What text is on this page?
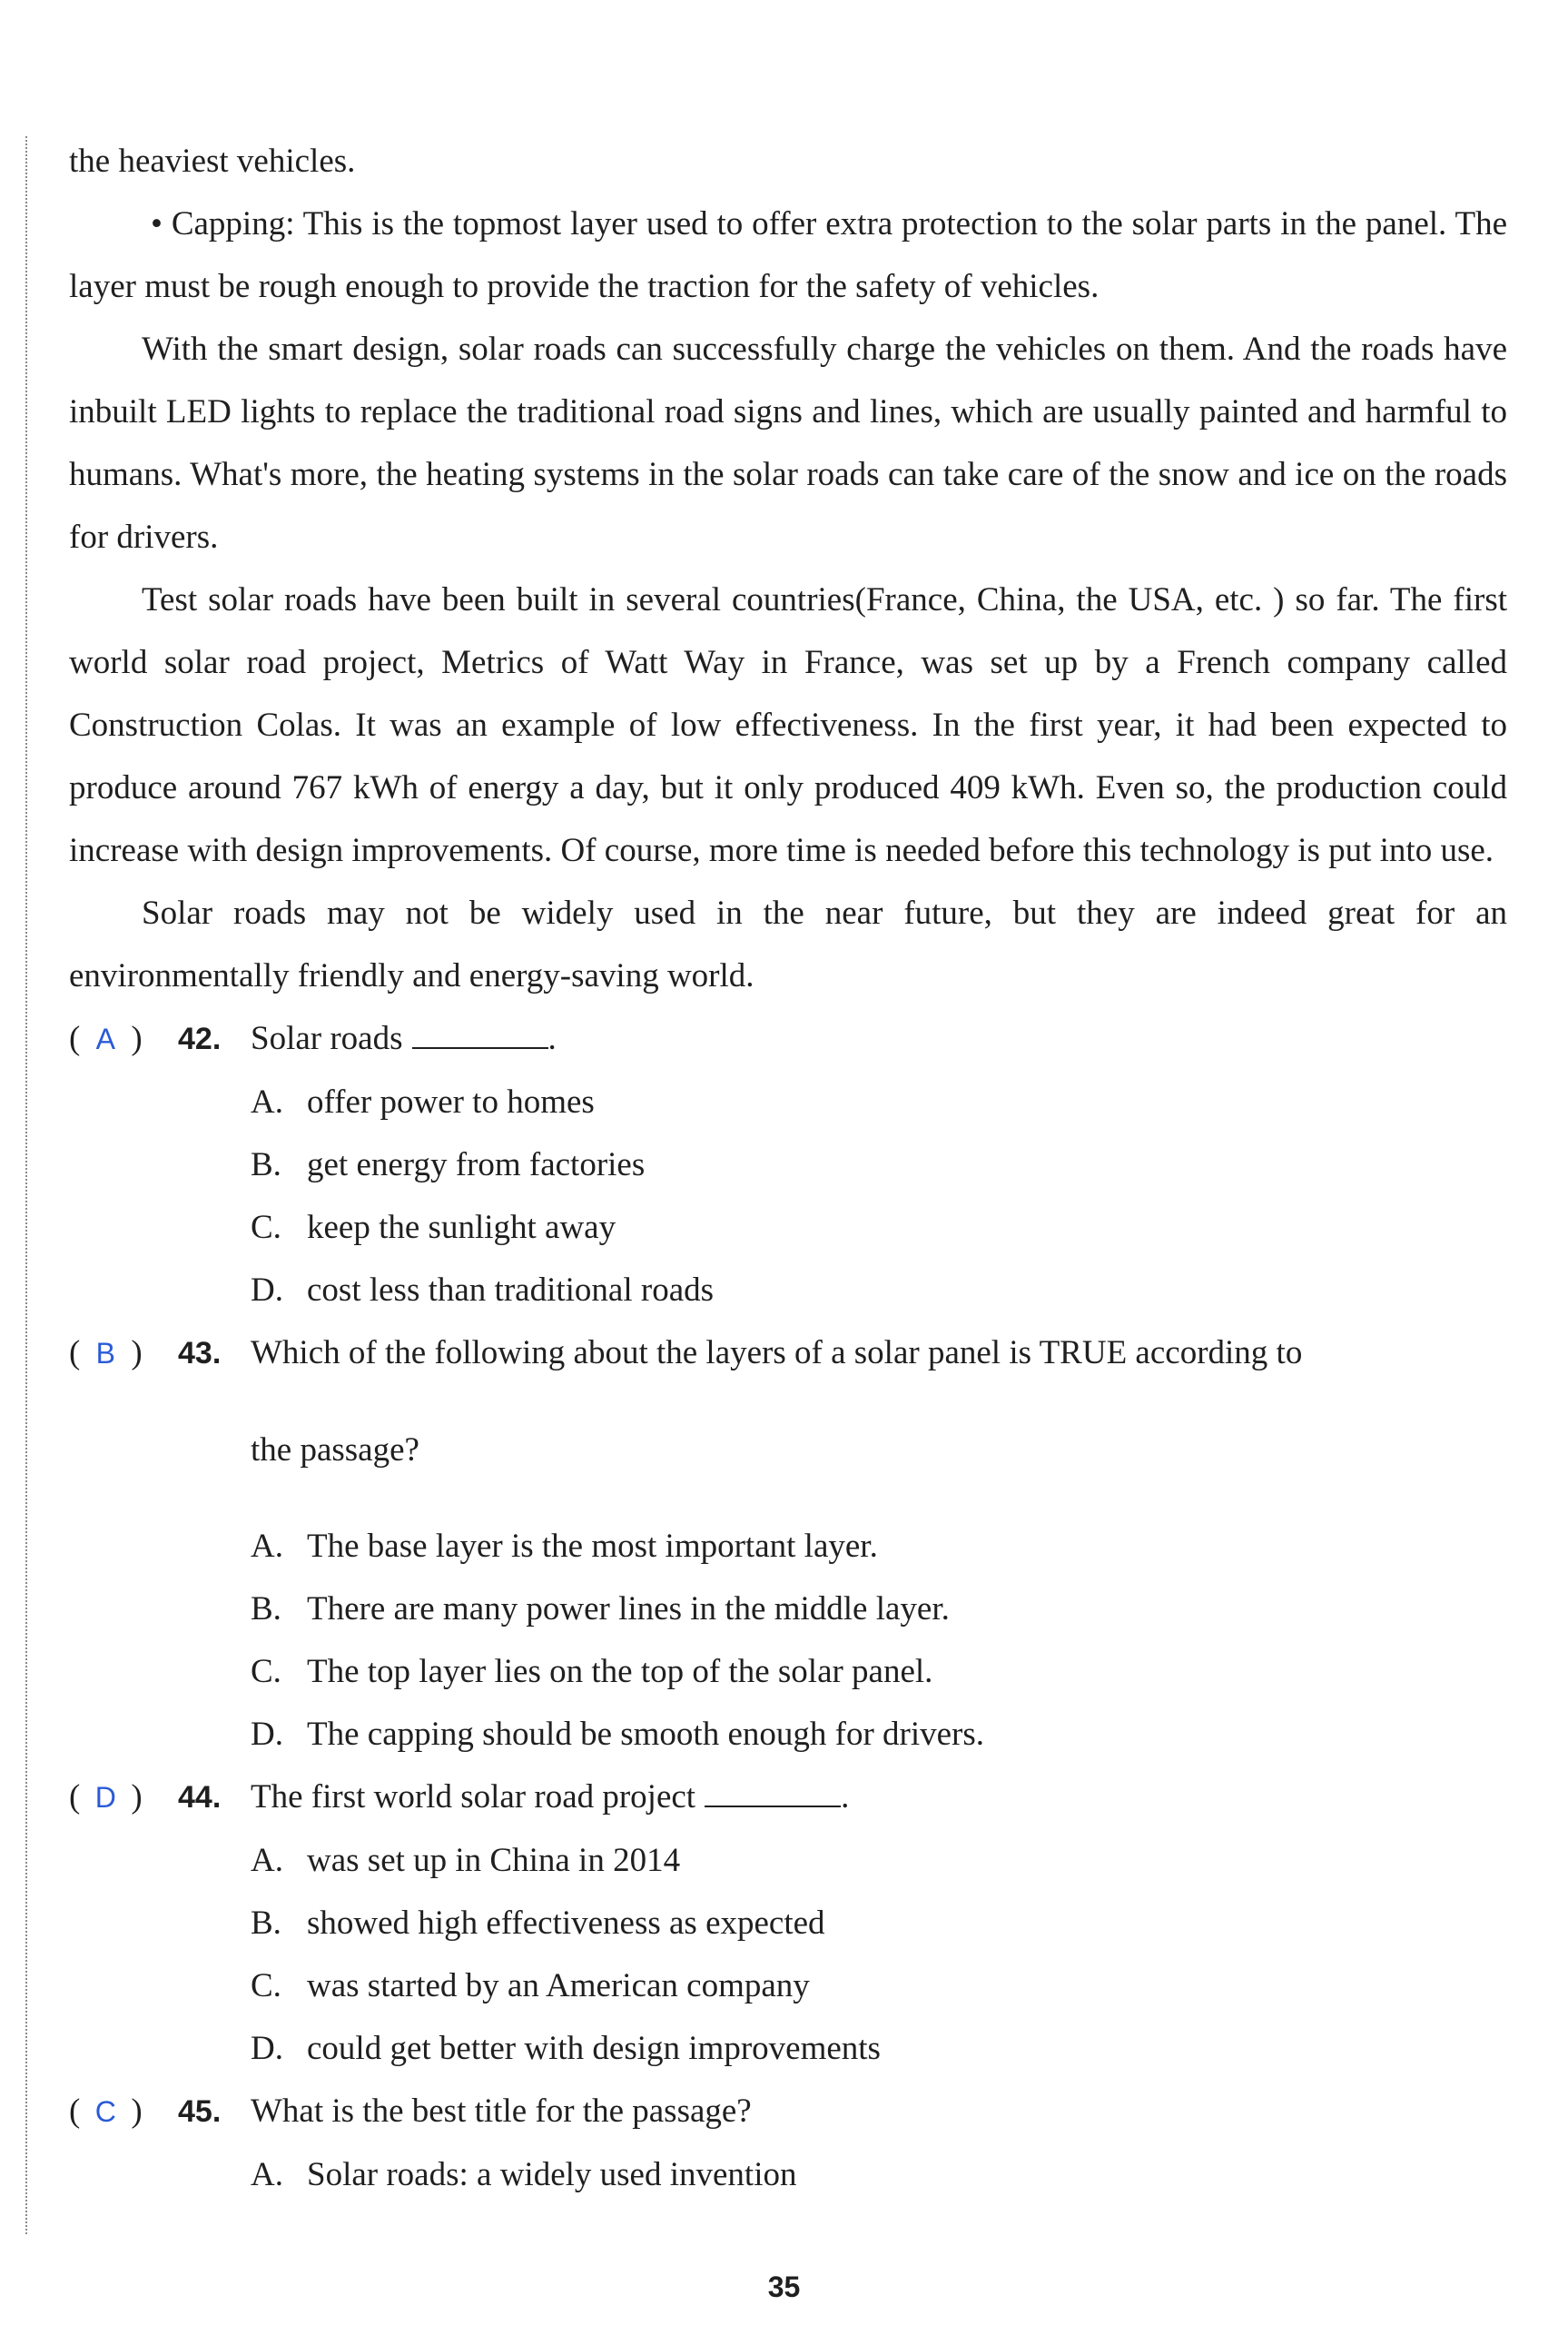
the heaviest vehicles.

• Capping: This is the topmost layer used to offer extra protection to the solar parts in the panel. The layer must be rough enough to provide the traction for the safety of vehicles.

With the smart design, solar roads can successfully charge the vehicles on them. And the roads have inbuilt LED lights to replace the traditional road signs and lines, which are usually painted and harmful to humans. What's more, the heating systems in the solar roads can take care of the snow and ice on the roads for drivers.

Test solar roads have been built in several countries(France, China, the USA, etc. ) so far. The first world solar road project, Metrics of Watt Way in France, was set up by a French company called Construction Colas. It was an example of low effectiveness. In the first year, it had been expected to produce around 767 kWh of energy a day, but it only produced 409 kWh. Even so, the production could increase with design improvements. Of course, more time is needed before this technology is put into use.

Solar roads may not be widely used in the near future, but they are indeed great for an environmentally friendly and energy-saving world.

( A )	42. Solar roads	.

A. offer power to homes

B. get energy from factories

C. keep the sunlight away

D. cost less than traditional roads

( B )	43. Which of the following about the layers of a solar panel is TRUE according to

the passage?

A. The base layer is the most important layer.

B. There are many power lines in the middle layer.

C. The top layer lies on the top of the solar panel.

D. The capping should be smooth enough for drivers.

( D )	44. The first world solar road project	.

A. was set up in China in 2014

B. showed high effectiveness as expected

C. was started by an American company

D. could get better with design improvements

( C )	45. What is the best title for the passage?

A. Solar roads: a widely used invention

35
